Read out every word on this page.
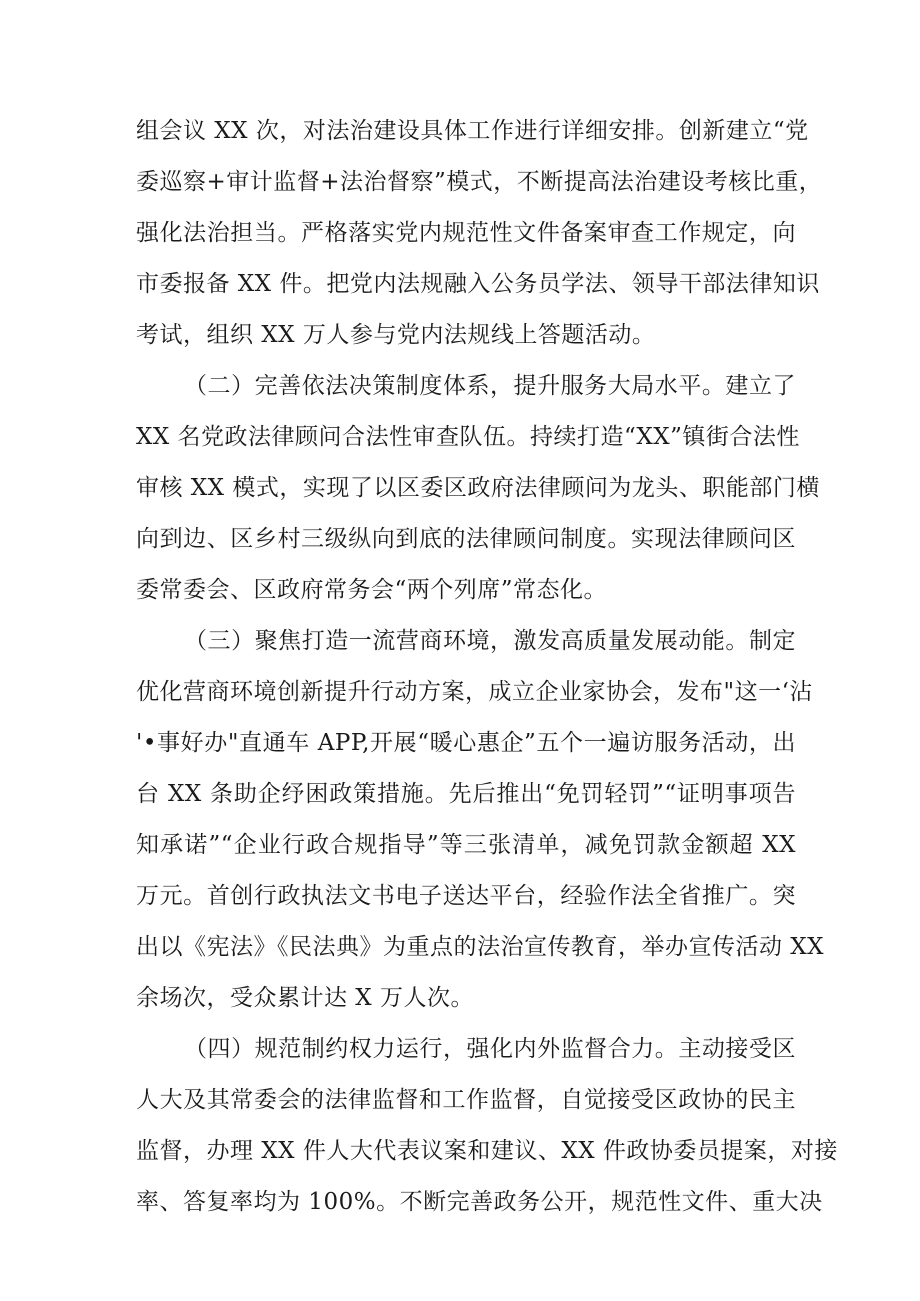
组会议 XX 次，对法治建设具体工作进行详细安排。创新建立“党
委巡察+审计监督+法治督察”模式，不断提高法治建设考核比重，
强化法治担当。严格落实党内规范性文件备案审查工作规定，向
市委报备 XX 件。把党内法规融入公务员学法、领导干部法律知识
考试，组织 XX 万人参与党内法规线上答题活动。
（二）完善依法决策制度体系，提升服务大局水平。建立了
XX 名党政法律顾问合法性审查队伍。持续打造“XX”镇街合法性
审核 XX 模式，实现了以区委区政府法律顾问为龙头、职能部门横
向到边、区乡村三级纵向到底的法律顾问制度。实现法律顾问区
委常委会、区政府常务会“两个列席”常态化。
（三）聚焦打造一流营商环境，激发高质量发展动能。制定
优化营商环境创新提升行动方案，成立企业家协会，发布"这一‘沾
'•事好办"直通车 APP,开展“暖心惠企”五个一遍访服务活动，出
台 XX 条助企纾困政策措施。先后推出“免罚轻罚”“证明事项告
知承诺”“企业行政合规指导”等三张清单，减免罚款金额超 XX
万元。首创行政执法文书电子送达平台，经验作法全省推广。突
出以《宪法》《民法典》为重点的法治宣传教育，举办宣传活动 XX
余场次，受众累计达 X 万人次。
（四）规范制约权力运行，强化内外监督合力。主动接受区
人大及其常委会的法律监督和工作监督，自觉接受区政协的民主
监督，办理 XX 件人大代表议案和建议、XX 件政协委员提案，对接
率、答复率均为 100%。不断完善政务公开，规范性文件、重大决
